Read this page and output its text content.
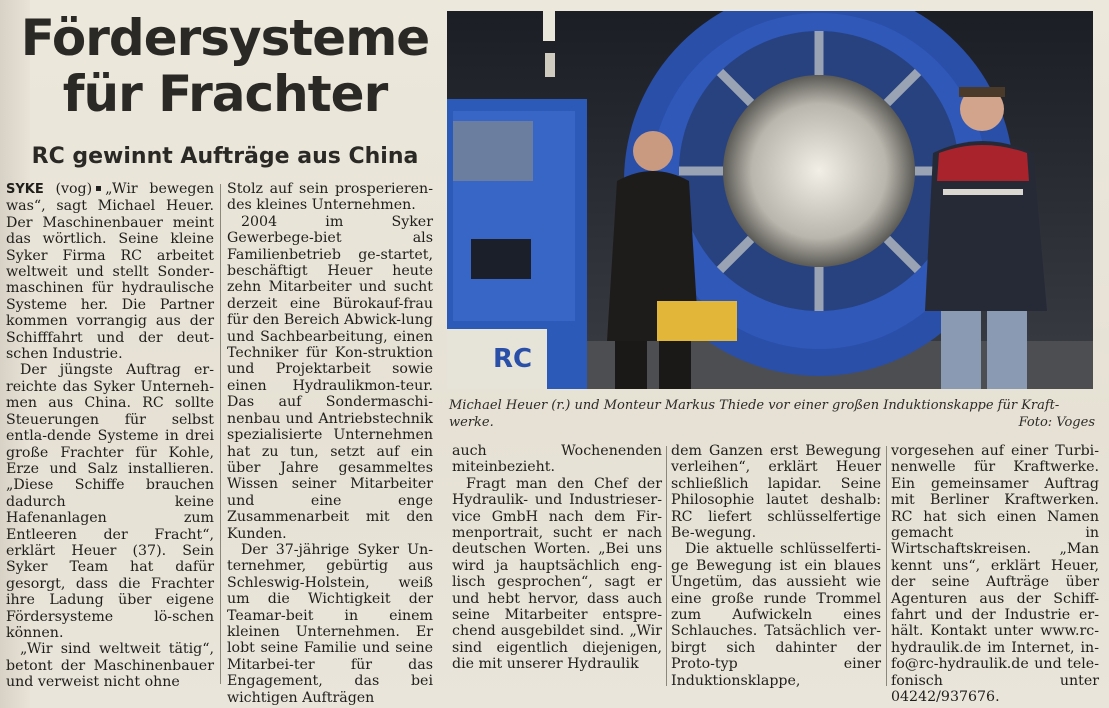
Fördersysteme
für Frachter
RC gewinnt Aufträge aus China
RC
Michael Heuer (r.) und Monteur Markus Thiede vor einer großen Induktionskappe für Kraft-werke.	Foto: Voges

SYKE (vog) „Wir bewegen was“, sagt Michael Heuer. Der Maschinenbauer meint das wörtlich. Seine kleine Syker Firma RC arbeitet weltweit und stellt Sonder-maschinen für hydraulische Systeme her. Die Partner kommen vorrangig aus der Schifffahrt und der deut-schen Industrie.

Der jüngste Auftrag er-reichte das Syker Unterneh-men aus China. RC sollte Steuerungen für selbst entla-dende Systeme in drei große Frachter für Kohle, Erze und Salz installieren. „Diese Schiffe brauchen dadurch keine Hafenanlagen zum Entleeren der Fracht“, erklärt Heuer (37). Sein Syker Team hat dafür gesorgt, dass die Frachter ihre Ladung über eigene Fördersysteme lö-schen können.

„Wir sind weltweit tätig“, betont der Maschinenbauer und verweist nicht ohne

Stolz auf sein prosperieren-des kleines Unternehmen.

2004 im Syker Gewerbege-biet als Familienbetrieb ge-startet, beschäftigt Heuer heute zehn Mitarbeiter und sucht derzeit eine Bürokauf-frau für den Bereich Abwick-lung und Sachbearbeitung, einen Techniker für Kon-struktion und Projektarbeit sowie einen Hydraulikmon-teur. Das auf Sondermaschi-nenbau und Antriebstechnik spezialisierte Unternehmen hat zu tun, setzt auf ein über Jahre gesammeltes Wissen seiner Mitarbeiter und eine enge Zusammenarbeit mit den Kunden.

Der 37-jährige Syker Un-ternehmer, gebürtig aus Schleswig-Holstein, weiß um die Wichtigkeit der Teamar-beit in einem kleinen Unternehmen. Er lobt seine Familie und seine Mitarbei-ter für das Engagement, das bei wichtigen Aufträgen

auch Wochenenden miteinbezieht.

Fragt man den Chef der Hydraulik- und Industrieser-vice GmbH nach dem Fir-menportrait, sucht er nach deutschen Worten. „Bei uns wird ja hauptsächlich eng-lisch gesprochen“, sagt er und hebt hervor, dass auch seine Mitarbeiter entspre-chend ausgebildet sind. „Wir sind eigentlich diejenigen, die mit unserer Hydraulik

dem Ganzen erst Bewegung verleihen“, erklärt Heuer schließlich lapidar. Seine Philosophie lautet deshalb: RC liefert schlüsselfertige Be-wegung.

Die aktuelle schlüsselferti-ge Bewegung ist ein blaues Ungetüm, das aussieht wie eine große runde Trommel zum Aufwickeln eines Schlauches. Tatsächlich ver-birgt sich dahinter der Proto-typ einer Induktionsklappe,

vorgesehen auf einer Turbi-nenwelle für Kraftwerke. Ein gemeinsamer Auftrag mit Berliner Kraftwerken. RC hat sich einen Namen gemacht in Wirtschaftskreisen. „Man kennt uns“, erklärt Heuer, der seine Aufträge über Agenturen aus der Schiff-fahrt und der Industrie er-hält. Kontakt unter www.rc-hydraulik.de im Internet, in-fo@rc-hydraulik.de und tele-fonisch unter 04242/937676.
